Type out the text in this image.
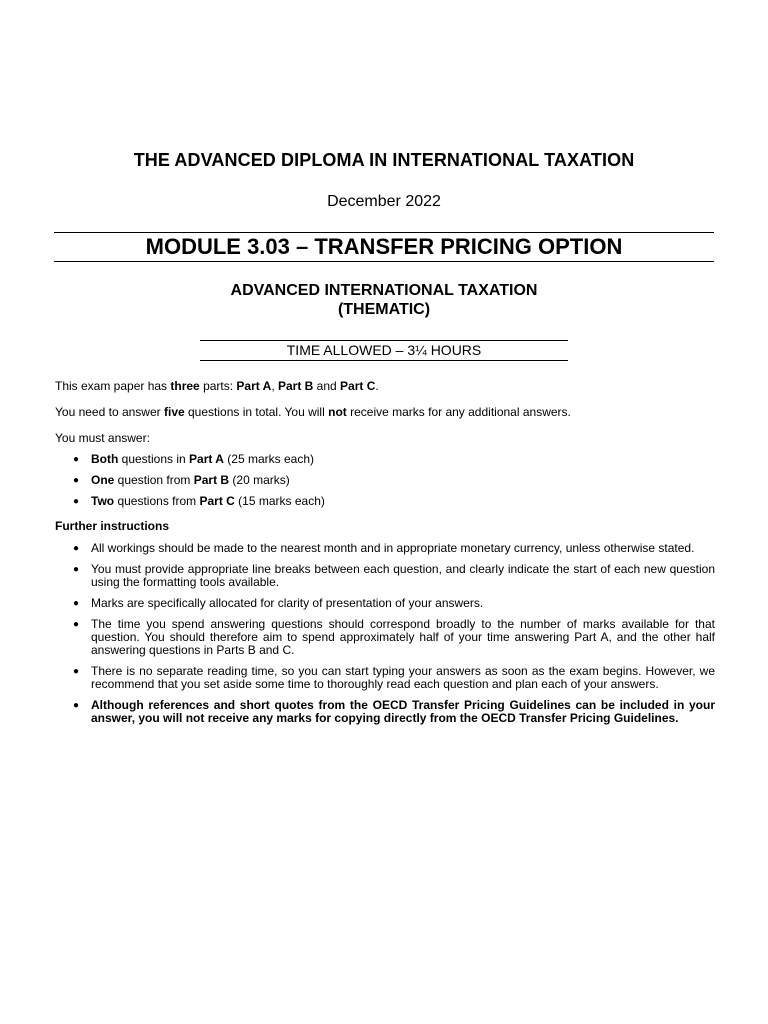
THE ADVANCED DIPLOMA IN INTERNATIONAL TAXATION
December 2022
MODULE 3.03 – TRANSFER PRICING OPTION
ADVANCED INTERNATIONAL TAXATION
(THEMATIC)
TIME ALLOWED – 3¼ HOURS
This exam paper has three parts: Part A, Part B and Part C.
You need to answer five questions in total. You will not receive marks for any additional answers.
You must answer:
● Both questions in Part A (25 marks each)
● One question from Part B (20 marks)
● Two questions from Part C (15 marks each)
Further instructions
● All workings should be made to the nearest month and in appropriate monetary currency, unless otherwise stated.
● You must provide appropriate line breaks between each question, and clearly indicate the start of each new question using the formatting tools available.
● Marks are specifically allocated for clarity of presentation of your answers.
● The time you spend answering questions should correspond broadly to the number of marks available for that question. You should therefore aim to spend approximately half of your time answering Part A, and the other half answering questions in Parts B and C.
● There is no separate reading time, so you can start typing your answers as soon as the exam begins. However, we recommend that you set aside some time to thoroughly read each question and plan each of your answers.
● Although references and short quotes from the OECD Transfer Pricing Guidelines can be included in your answer, you will not receive any marks for copying directly from the OECD Transfer Pricing Guidelines.
